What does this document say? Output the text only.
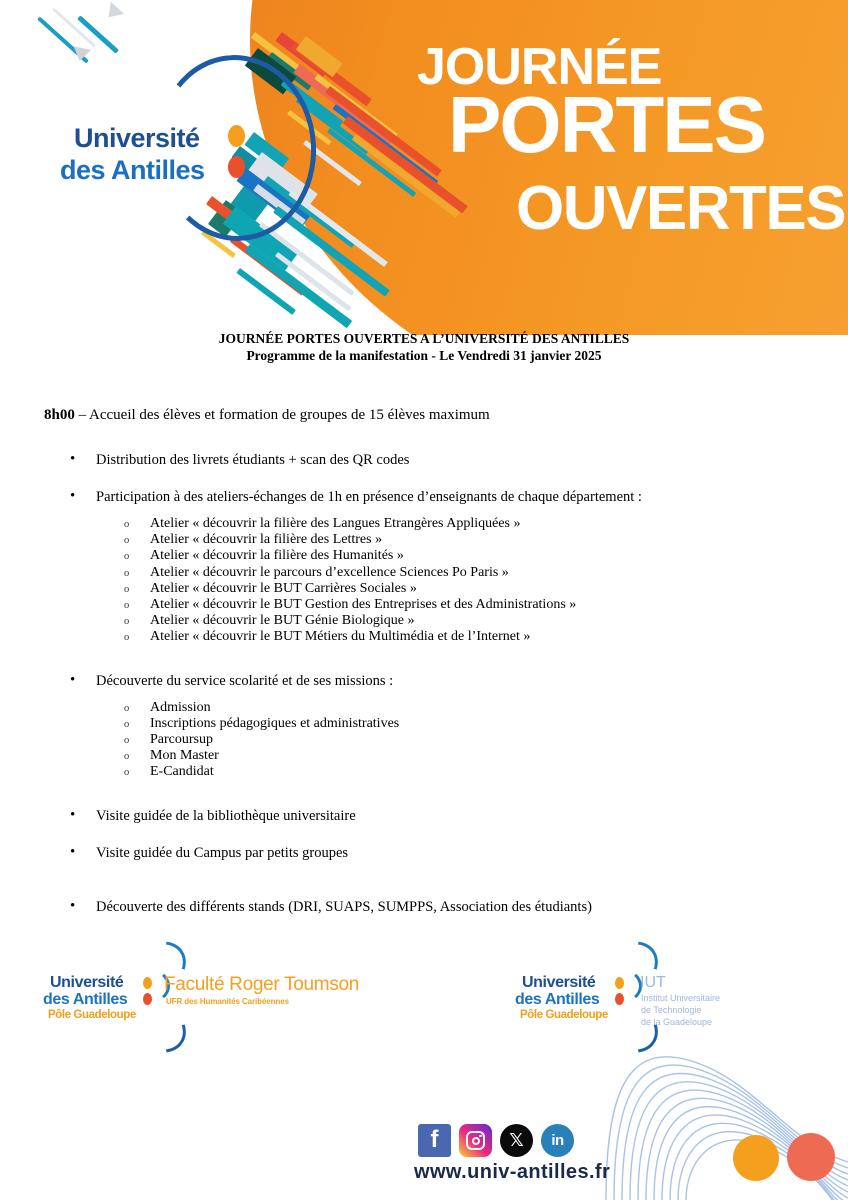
Université
des Antilles
JOURNÉE
PORTES
OUVERTES
JOURNÉE PORTES OUVERTES A L’UNIVERSITÉ DES ANTILLES
Programme de la manifestation - Le Vendredi 31 janvier 2025

8h00 – Accueil des élèves et formation de groupes de 15 élèves maximum

• Distribution des livrets étudiants + scan des QR codes
• Participation à des ateliers-échanges de 1h en présence d’enseignants de chaque département :
o Atelier « découvrir la filière des Langues Etrangères Appliquées »
o Atelier « découvrir la filière des Lettres »
o Atelier « découvrir la filière des Humanités »
o Atelier « découvrir le parcours d’excellence Sciences Po Paris »
o Atelier « découvrir le BUT Carrières Sociales »
o Atelier « découvrir le BUT Gestion des Entreprises et des Administrations »
o Atelier « découvrir le BUT Génie Biologique »
o Atelier « découvrir le BUT Métiers du Multimédia et de l’Internet »
• Découverte du service scolarité et de ses missions :
o Admission
o Inscriptions pédagogiques et administratives
o Parcoursup
o Mon Master
o E-Candidat
• Visite guidée de la bibliothèque universitaire
• Visite guidée du Campus par petits groupes
• Découverte des différents stands (DRI, SUAPS, SUMPPS, Association des étudiants)
Université
des Antilles
Pôle Guadeloupe
Faculté Roger Toumson
UFR des Humanités Caribéennes
Université
des Antilles
Pôle Guadeloupe
IUT
Institut Universitaire
de Technologie
de la Guadeloupe
f	𝕏 in
www.univ-antilles.fr
